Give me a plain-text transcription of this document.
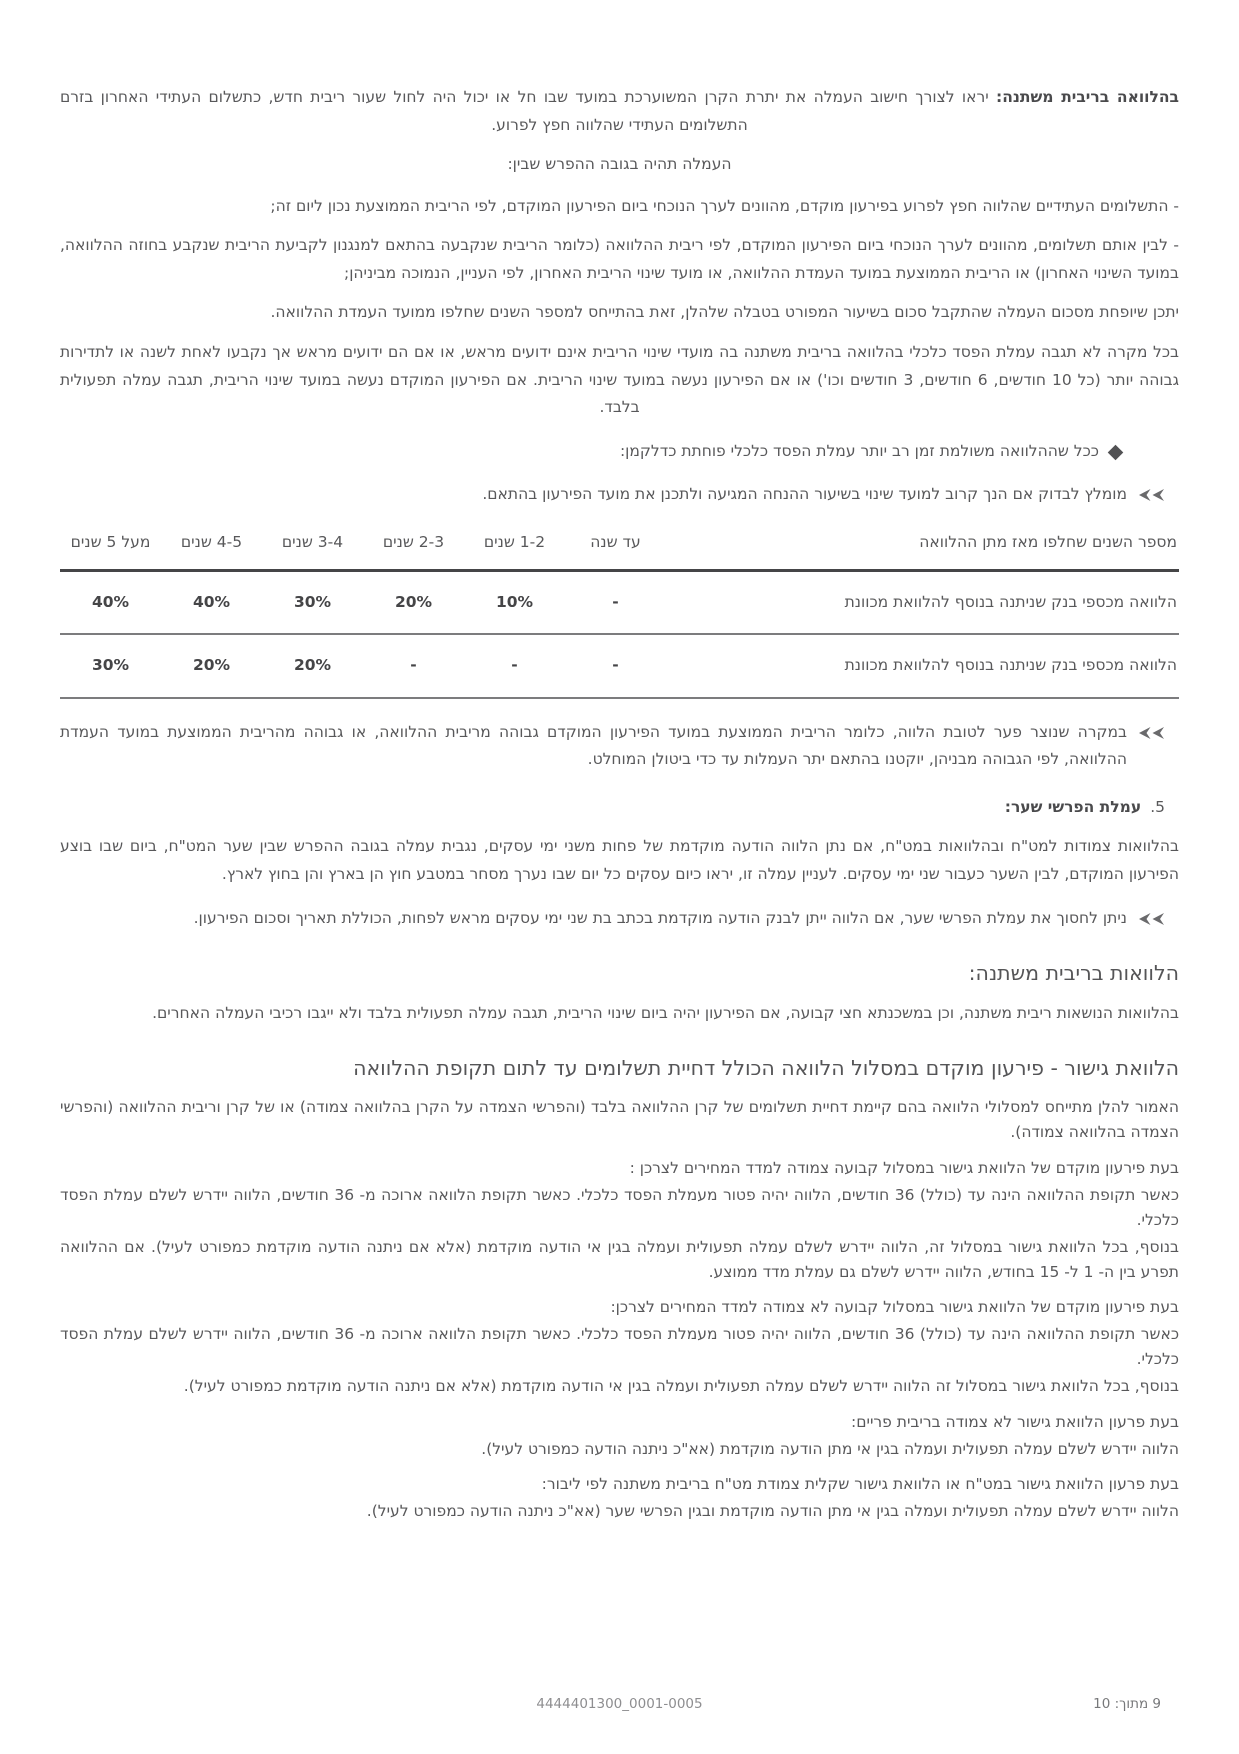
בהלוואה בריבית משתנה: יראו לצורך חישוב העמלה את יתרת הקרן המשוערכת במועד שבו חל או יכול היה לחול שעור ריבית חדש, כתשלום העתידי האחרון בזרם התשלומים העתידי שהלווה חפץ לפרוע.

העמלה תהיה בגובה ההפרש שבין:

- התשלומים העתידיים שהלווה חפץ לפרוע בפירעון מוקדם, מהוונים לערך הנוכחי ביום הפירעון המוקדם, לפי הריבית הממוצעת נכון ליום זה;

- לבין אותם תשלומים, מהוונים לערך הנוכחי ביום הפירעון המוקדם, לפי ריבית ההלוואה (כלומר הריבית שנקבעה בהתאם למנגנון לקביעת הריבית שנקבע בחוזה ההלוואה, במועד השינוי האחרון) או הריבית הממוצעת במועד העמדת ההלוואה, או מועד שינוי הריבית האחרון, לפי העניין, הנמוכה מביניהן;

יתכן שיופחת מסכום העמלה שהתקבל סכום בשיעור המפורט בטבלה שלהלן, זאת בהתייחס למספר השנים שחלפו ממועד העמדת ההלוואה.

בכל מקרה לא תגבה עמלת הפסד כלכלי בהלוואה בריבית משתנה בה מועדי שינוי הריבית אינם ידועים מראש, או אם הם ידועים מראש אך נקבעו לאחת לשנה או לתדירות גבוהה יותר (כל 10 חודשים, 6 חודשים, 3 חודשים וכו') או אם הפירעון נעשה במועד שינוי הריבית. אם הפירעון המוקדם נעשה במועד שינוי הריבית, תגבה עמלה תפעולית בלבד.

ככל שההלוואה משולמת זמן רב יותר עמלת הפסד כלכלי פוחתת כדלקמן:

מומלץ לבדוק אם הנך קרוב למועד שינוי בשיעור ההנחה המגיעה ולתכנן את מועד הפירעון בהתאם.

מספר השנים שחלפו מאז מתן ההלוואה	עד שנה	1-2 שנים	2-3 שנים	3-4 שנים	4-5 שנים	מעל 5 שנים
הלוואה מכספי בנק שניתנה בנוסף להלוואת מכוונת	-	10%	20%	30%	40%	40%
הלוואה מכספי בנק שניתנה בנוסף להלוואת מכוונת	-	-	-	20%	20%	30%

במקרה שנוצר פער לטובת הלווה, כלומר הריבית הממוצעת במועד הפירעון המוקדם גבוהה מריבית ההלוואה, או גבוהה מהריבית הממוצעת במועד העמדת ההלוואה, לפי הגבוהה מבניהן, יוקטנו בהתאם יתר העמלות עד כדי ביטולן המוחלט.

5.
עמלת הפרשי שער:

בהלוואות צמודות למט"ח ובהלוואות במט"ח, אם נתן הלווה הודעה מוקדמת של פחות משני ימי עסקים, נגבית עמלה בגובה ההפרש שבין שער המט"ח, ביום שבו בוצע הפירעון המוקדם, לבין השער כעבור שני ימי עסקים. לעניין עמלה זו, יראו כיום עסקים כל יום שבו נערך מסחר במטבע חוץ הן בארץ והן בחוץ לארץ.

ניתן לחסוך את עמלת הפרשי שער, אם הלווה ייתן לבנק הודעה מוקדמת בכתב בת שני ימי עסקים מראש לפחות, הכוללת תאריך וסכום הפירעון.

הלוואות בריבית משתנה:

בהלוואות הנושאות ריבית משתנה, וכן במשכנתא חצי קבועה, אם הפירעון יהיה ביום שינוי הריבית, תגבה עמלה תפעולית בלבד ולא ייגבו רכיבי העמלה האחרים.

הלוואת גישור - פירעון מוקדם במסלול הלוואה הכולל דחיית תשלומים עד לתום תקופת ההלוואה

האמור להלן מתייחס למסלולי הלוואה בהם קיימת דחיית תשלומים של קרן ההלוואה בלבד (והפרשי הצמדה על הקרן בהלוואה צמודה) או של קרן וריבית ההלוואה (והפרשי הצמדה בהלוואה צמודה).

בעת פירעון מוקדם של הלוואת גישור במסלול קבועה צמודה למדד המחירים לצרכן :

כאשר תקופת ההלוואה הינה עד (כולל) 36 חודשים, הלווה יהיה פטור מעמלת הפסד כלכלי. כאשר תקופת הלוואה ארוכה מ- 36 חודשים, הלווה יידרש לשלם עמלת הפסד כלכלי.

בנוסף, בכל הלוואת גישור במסלול זה, הלווה יידרש לשלם עמלה תפעולית ועמלה בגין אי הודעה מוקדמת (אלא אם ניתנה הודעה מוקדמת כמפורט לעיל). אם ההלוואה תפרע בין ה- 1 ל- 15 בחודש, הלווה יידרש לשלם גם עמלת מדד ממוצע.

בעת פירעון מוקדם של הלוואת גישור במסלול קבועה לא צמודה למדד המחירים לצרכן:

כאשר תקופת ההלוואה הינה עד (כולל) 36 חודשים, הלווה יהיה פטור מעמלת הפסד כלכלי. כאשר תקופת הלוואה ארוכה מ- 36 חודשים, הלווה יידרש לשלם עמלת הפסד כלכלי.

בנוסף, בכל הלוואת גישור במסלול זה הלווה יידרש לשלם עמלה תפעולית ועמלה בגין אי הודעה מוקדמת (אלא אם ניתנה הודעה מוקדמת כמפורט לעיל).

בעת פרעון הלוואת גישור לא צמודה בריבית פריים:

הלווה יידרש לשלם עמלה תפעולית ועמלה בגין אי מתן הודעה מוקדמת (אא"כ ניתנה הודעה כמפורט לעיל).

בעת פרעון הלוואת גישור במט"ח או הלוואת גישור שקלית צמודת מט"ח בריבית משתנה לפי ליבור:

הלווה יידרש לשלם עמלה תפעולית ועמלה בגין אי מתן הודעה מוקדמת ובגין הפרשי שער (אא"כ ניתנה הודעה כמפורט לעיל).

4444401300_0001-0005	9 מתוך: 10
